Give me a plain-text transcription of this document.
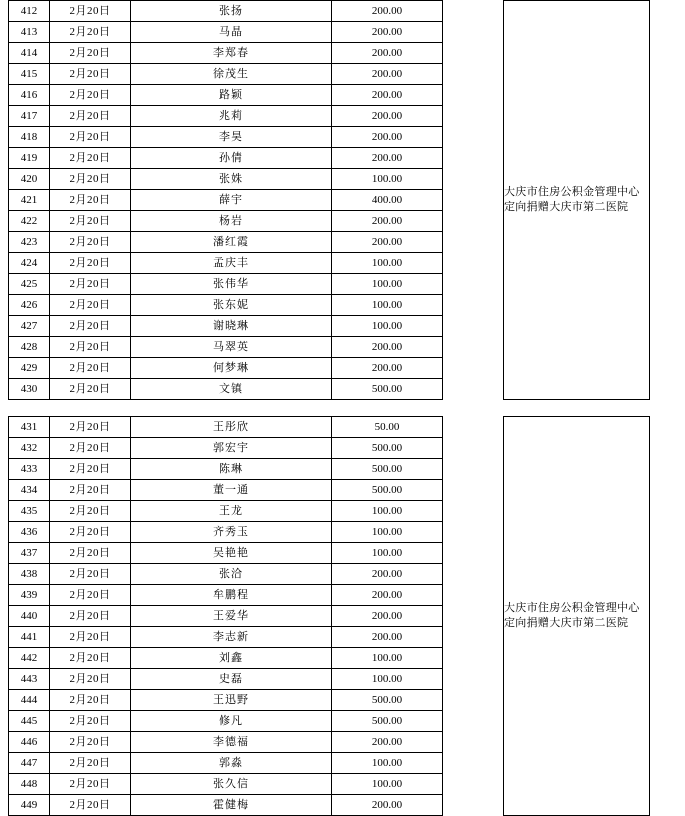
412	2月20日	张扬	200.00		大庆市住房公积金管理中心定向捐赠大庆市第二医院

413	2月20日	马晶	200.00		
414	2月20日	李郑春	200.00		
415	2月20日	徐茂生	200.00		
416	2月20日	路颖	200.00		
417	2月20日	兆莉	200.00		
418	2月20日	李昊	200.00		
419	2月20日	孙倩	200.00		
420	2月20日	张姝	100.00		
421	2月20日	薛宇	400.00		
422	2月20日	杨岩	200.00		
423	2月20日	潘红霞	200.00		
424	2月20日	孟庆丰	100.00		
425	2月20日	张伟华	100.00		
426	2月20日	张东妮	100.00		
427	2月20日	谢晓琳	100.00		
428	2月20日	马翠英	200.00		
429	2月20日	何梦琳	200.00		
430	2月20日	文镇	500.00		
431	2月20日	王彤欣	50.00		大庆市住房公积金管理中心定向捐赠大庆市第二医院

432	2月20日	郭宏宇	500.00		
433	2月20日	陈琳	500.00		
434	2月20日	董一通	500.00		
435	2月20日	王龙	100.00		
436	2月20日	齐秀玉	100.00		
437	2月20日	吴艳艳	100.00		
438	2月20日	张洽	200.00		
439	2月20日	牟鹏程	200.00		
440	2月20日	王爱华	200.00		
441	2月20日	李志新	200.00		
442	2月20日	刘鑫	100.00		
443	2月20日	史磊	100.00		
444	2月20日	王迅野	500.00		
445	2月20日	修凡	500.00		
446	2月20日	李德福	200.00		
447	2月20日	郭淼	100.00		
448	2月20日	张久信	100.00		
449	2月20日	霍健梅	200.00		
